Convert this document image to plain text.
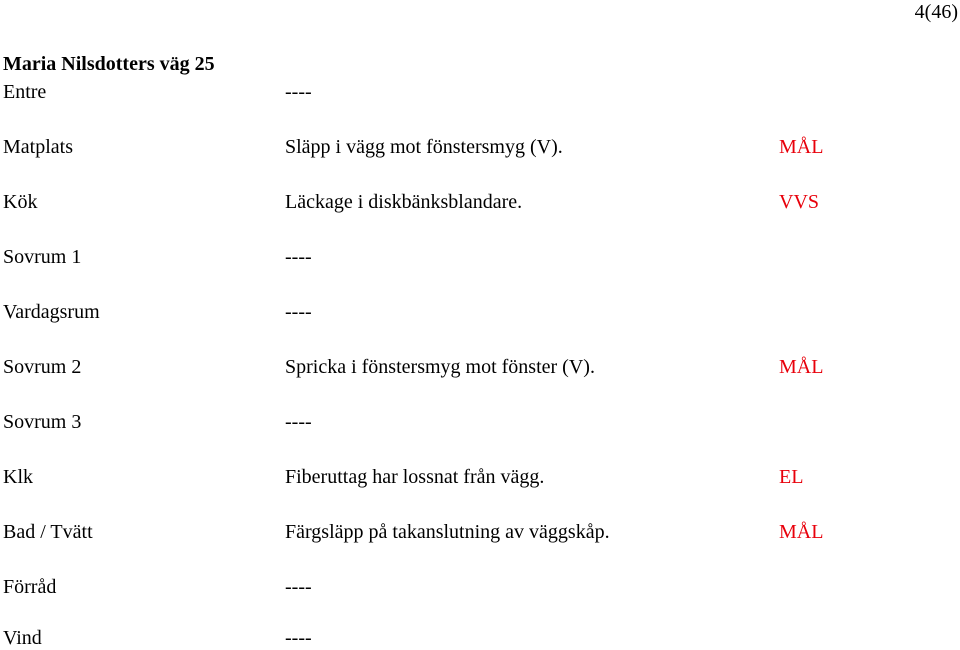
4(46)
Maria Nilsdotters väg 25
Entre	----
Matplats	Släpp i vägg mot fönstersmyg (V).	MÅL
Kök	Läckage i diskbänksblandare.	VVS
Sovrum 1	----
Vardagsrum	----
Sovrum 2	Spricka i fönstersmyg mot fönster (V).	MÅL
Sovrum 3	----
Klk	Fiberuttag har lossnat från vägg.	EL
Bad / Tvätt	Färgsläpp på takanslutning av väggskåp.	MÅL
Förråd	----
Vind	----
